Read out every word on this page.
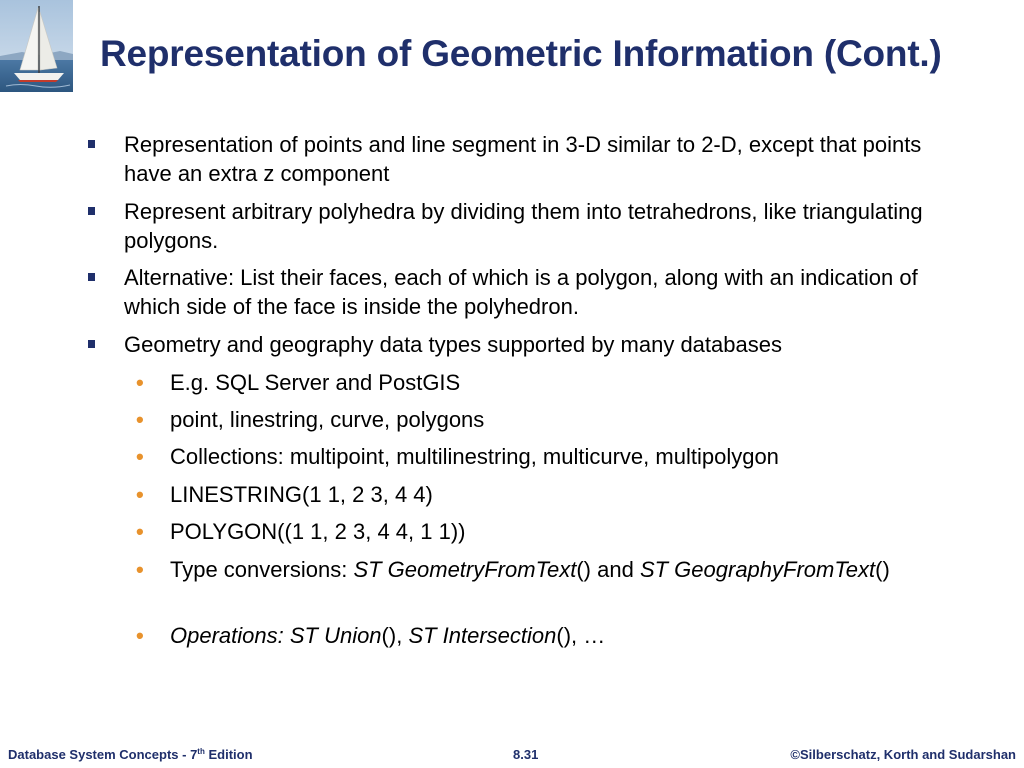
Representation of Geometric Information (Cont.)
Representation of points and line segment in 3-D similar to 2-D, except that points have an extra z component
Represent arbitrary polyhedra by dividing them into tetrahedrons, like triangulating polygons.
Alternative: List their faces, each of which is a polygon, along with an indication of which side of the face is inside the polyhedron.
Geometry and geography data types supported by many databases
•
E.g. SQL Server and PostGIS
•
point, linestring, curve, polygons
•
Collections: multipoint, multilinestring, multicurve, multipolygon
•
LINESTRING(1 1, 2 3, 4 4)
•
POLYGON((1 1, 2 3, 4 4, 1 1))
•
Type conversions: ST GeometryFromText() and ST GeographyFromText()
•
Operations: ST Union(), ST Intersection(), …
Database System Concepts - 7th Edition	8.31	©Silberschatz, Korth and Sudarshan
